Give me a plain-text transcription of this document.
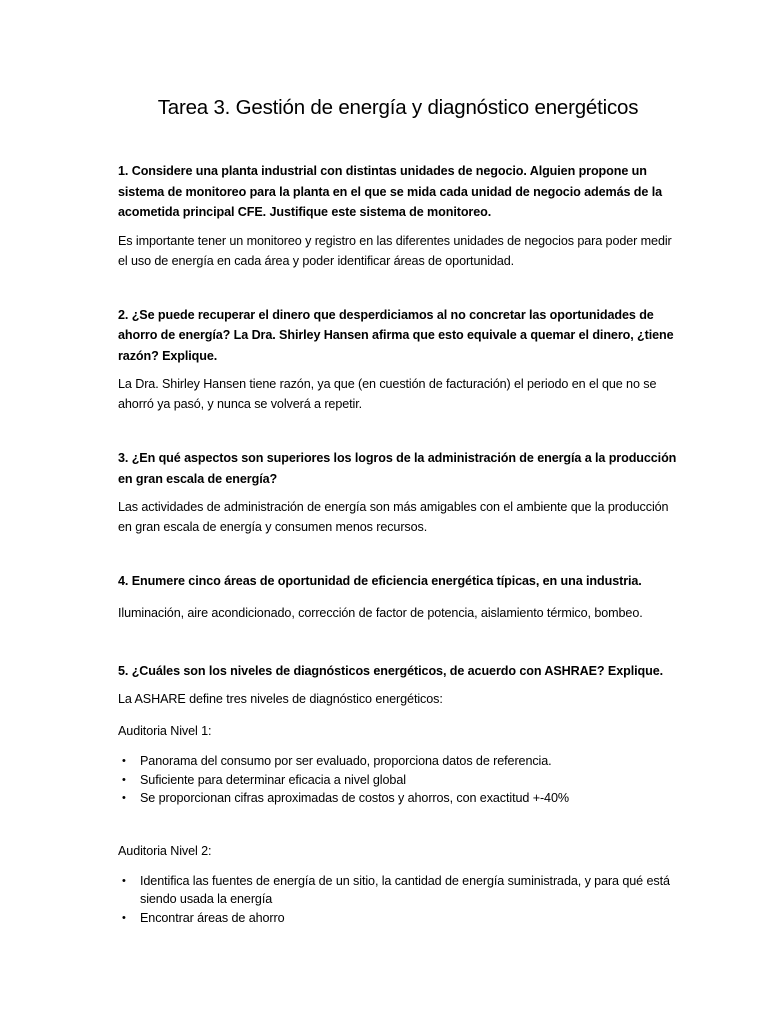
Tarea 3. Gestión de energía y diagnóstico energéticos

1. Considere una planta industrial con distintas unidades de negocio. Alguien propone un sistema de monitoreo para la planta en el que se mida cada unidad de negocio además de la acometida principal CFE. Justifique este sistema de monitoreo.

Es importante tener un monitoreo y registro en las diferentes unidades de negocios para poder medir el uso de energía en cada área y poder identificar áreas de oportunidad.

2. ¿Se puede recuperar el dinero que desperdiciamos al no concretar las oportunidades de ahorro de energía? La Dra. Shirley Hansen afirma que esto equivale a quemar el dinero, ¿tiene razón? Explique.

La Dra. Shirley Hansen tiene razón, ya que (en cuestión de facturación) el periodo en el que no se ahorró ya pasó, y nunca se volverá a repetir.

3. ¿En qué aspectos son superiores los logros de la administración de energía a la producción en gran escala de energía?

Las actividades de administración de energía son más amigables con el ambiente que la producción en gran escala de energía y consumen menos recursos.

4. Enumere cinco áreas de oportunidad de eficiencia energética típicas, en una industria.

Iluminación, aire acondicionado, corrección de factor de potencia, aislamiento térmico, bombeo.

5. ¿Cuáles son los niveles de diagnósticos energéticos, de acuerdo con ASHRAE? Explique.

La ASHARE define tres niveles de diagnóstico energéticos:

Auditoria Nivel 1:

• Panorama del consumo por ser evaluado, proporciona datos de referencia.
• Suficiente para determinar eficacia a nivel global
• Se proporcionan cifras aproximadas de costos y ahorros, con exactitud +-40%

Auditoria Nivel 2:

• Identifica las fuentes de energía de un sitio, la cantidad de energía suministrada, y para qué está siendo usada la energía
• Encontrar áreas de ahorro
